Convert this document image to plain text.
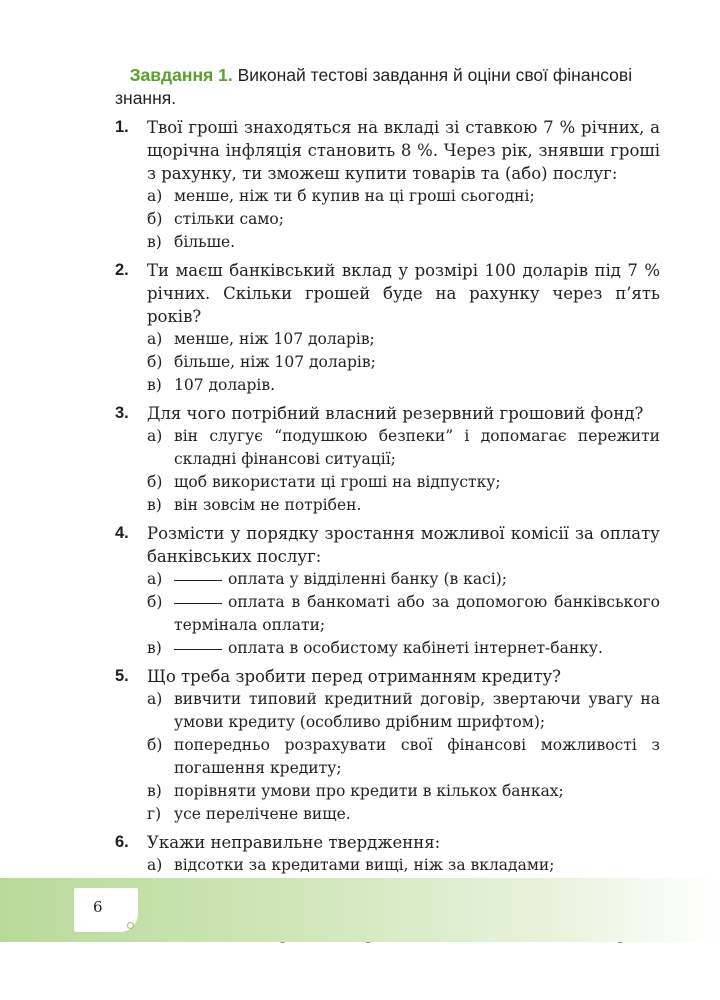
Завдання 1. Виконай тестові завдання й оціни свої фінансові знання.

1.	Твої гроші знаходяться на вкладі зі ставкою 7 % річних, а щорічна інфляція становить 8 %. Через рік, знявши гроші з рахунку, ти зможеш купити товарів та (або) послуг:
а) менше, ніж ти б купив на ці гроші сьогодні;
б) стільки само;
в) більше.
2.	Ти маєш банківський вклад у розмірі 100 доларів під 7 % річних. Скільки грошей буде на рахунку через п’ять років?
а) менше, ніж 107 доларів;
б) більше, ніж 107 доларів;
в) 107 доларів.
3.	Для чого потрібний власний резервний грошовий фонд?
а) він слугує “подушкою безпеки” і допомагає пережити складні фінансові ситуації;
б) щоб використати ці гроші на відпустку;
в) він зовсім не потрібен.
4.	Розмісти у порядку зростання можливої комісії за оплату банківських послуг:
а)	оплата у відділенні банку (в касі);
б)	оплата в банкоматі або за допомогою банківського термінала оплати;
в)	оплата в особистому кабінеті інтернет-банку.
5.	Що треба зробити перед отриманням кредиту?
а) вивчити типовий кредитний договір, звертаючи увагу на умови кредиту (особливо дрібним шрифтом);
б) попередньо розрахувати свої фінансові можливості з погашення кредиту;
в) порівняти умови про кредити в кількох банках;
г) усе перелічене вище.
6.	Укажи неправильне твердження:
а) відсотки за кредитами вищі, ніж за вкладами;
6
